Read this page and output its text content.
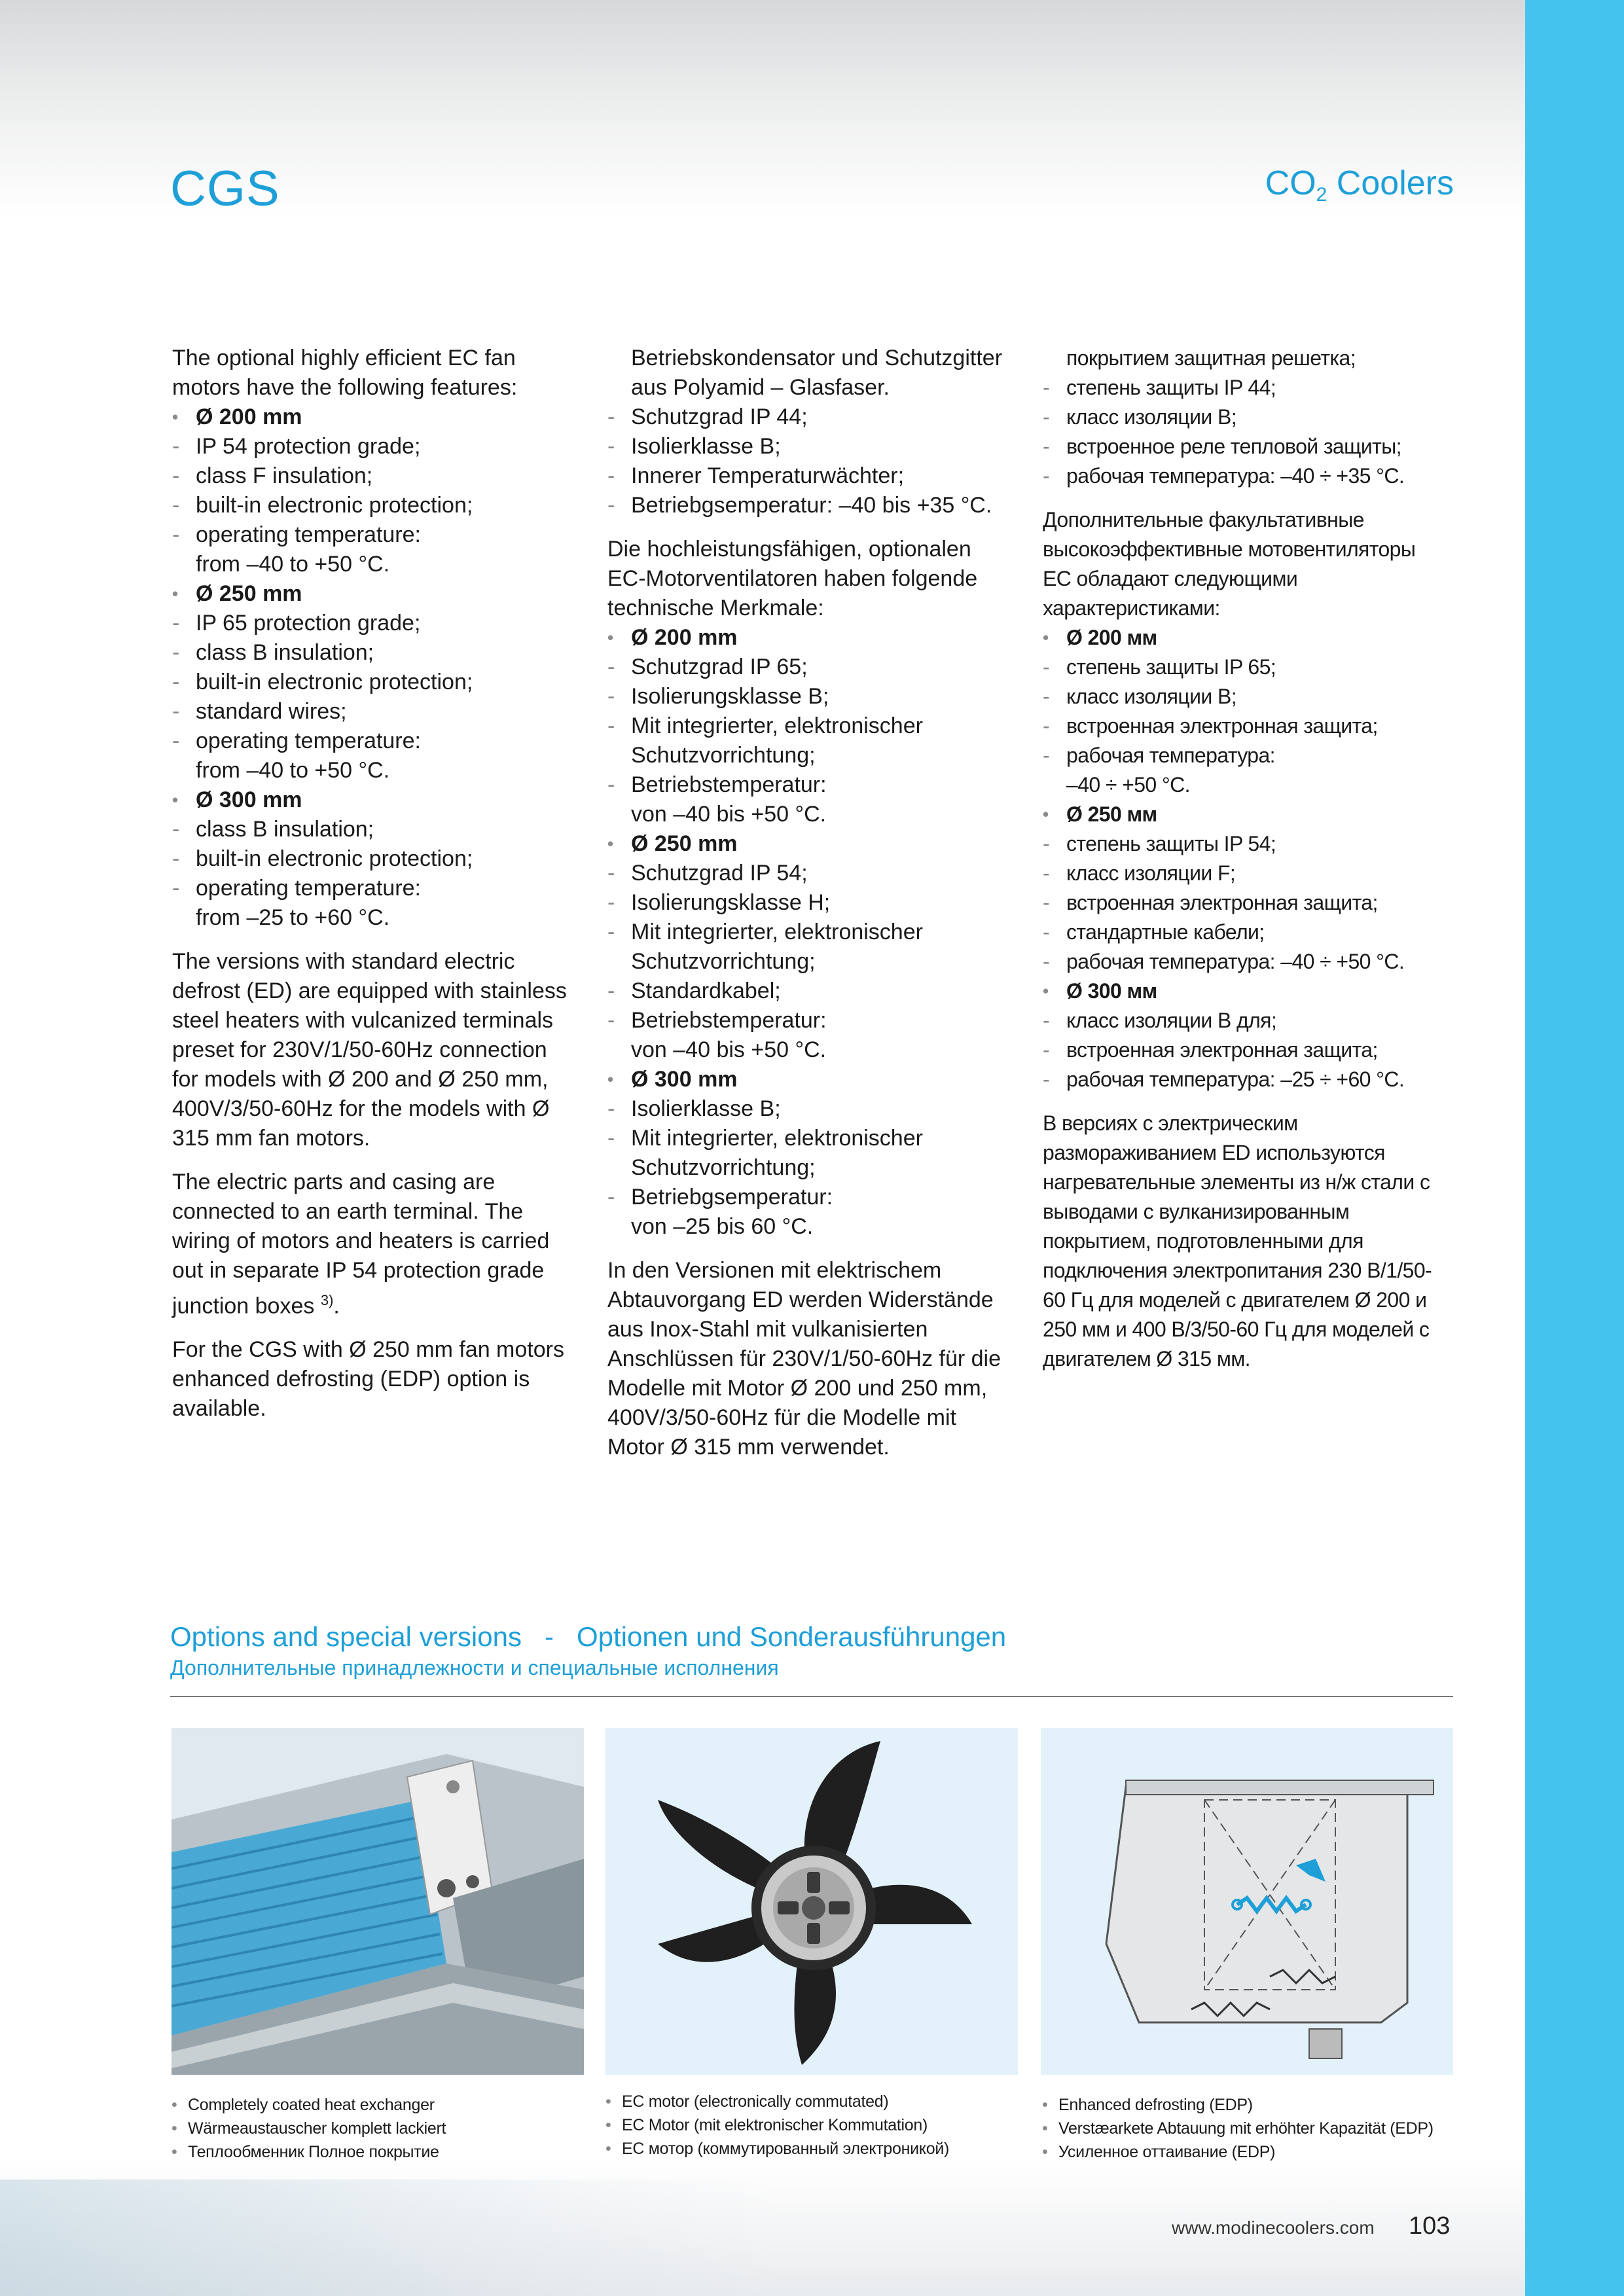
CGS	$CO_2$ Coolers

The optional highly efficient EC fan motors have the following features:

• Ø 200 mm
- IP 54 protection grade;
- class F insulation;
- built-in electronic protection;
- operating temperature:
from –40 to +50 °C.
• Ø 250 mm
- IP 65 protection grade;
- class B insulation;
- built-in electronic protection;
- standard wires;
- operating temperature:
from –40 to +50 °C.
• Ø 300 mm
- class B insulation;
- built-in electronic protection;
- operating temperature:
from –25 to +60 °C.

The versions with standard electric defrost (ED) are equipped with stainless steel heaters with vulcanized terminals preset for 230V/1/50-60Hz connection for models with Ø 200 and Ø 250 mm, 400V/3/50-60Hz for the models with Ø 315 mm fan motors.

The electric parts and casing are connected to an earth terminal. The wiring of motors and heaters is carried out in separate IP 54 protection grade junction boxes $^{3)}$.

For the CGS with Ø 250 mm fan motors enhanced defrosting (EDP) option is available.

Betriebskondensator und Schutzgitter aus Polyamid – Glasfaser.
- Schutzgrad IP 44;
- Isolierklasse B;
- Innerer Temperaturwächter;
- Betriebgsemperatur: –40 bis +35 °C.

Die hochleistungsfähigen, optionalen EC-Motorventilatoren haben folgende technische Merkmale:

• Ø 200 mm
- Schutzgrad IP 65;
- Isolierungsklasse B;
- Mit integrierter, elektronischer
Schutzvorrichtung;
- Betriebstemperatur:
von –40 bis +50 °C.
• Ø 250 mm
- Schutzgrad IP 54;
- Isolierungsklasse H;
- Mit integrierter, elektronischer
Schutzvorrichtung;
- Standardkabel;
- Betriebstemperatur:
von –40 bis +50 °C.
• Ø 300 mm
- Isolierklasse B;
- Mit integrierter, elektronischer
Schutzvorrichtung;
- Betriebgsemperatur:
von –25 bis 60 °C.

In den Versionen mit elektrischem Abtauvorgang ED werden Widerstände aus Inox-Stahl mit vulkanisierten Anschlüssen für 230V/1/50-60Hz für die Modelle mit Motor Ø 200 und 250 mm, 400V/3/50-60Hz für die Modelle mit Motor Ø 315 mm verwendet.

покрытием защитная решетка;
- степень защиты IP 44;
- класс изоляции B;
- встроенное реле тепловой защиты;
- рабочая температура: –40 ÷ +35 °C.

Дополнительные факультативные высокоэффективные мотовентиляторы EC обладают следующими характеристиками:

• Ø 200 мм
- степень защиты IP 65;
- класс изоляции B;
- встроенная электронная защита;
- рабочая температура:
–40 ÷ +50 °C.
• Ø 250 мм
- степень защиты IP 54;
- класс изоляции F;
- встроенная электронная защита;
- стандартные кабели;
- рабочая температура: –40 ÷ +50 °C.
• Ø 300 мм
- класс изоляции B для;
- встроенная электронная защита;
- рабочая температура: –25 ÷ +60 °C.

В версиях с электрическим размораживанием ED используются нагревательные элементы из н/ж стали с выводами с вулканизированным покрытием, подготовленными для подключения электропитания 230 В/1/50-60 Гц для моделей с двигателем Ø 200 и 250 мм и 400 В/3/50-60 Гц для моделей с двигателем Ø 315 мм.

Options and special versions   -   Optionen und Sonderausführungen
Дополнительные принадлежности и специальные исполнения
• Completely coated heat exchanger
• Wärmeaustauscher komplett lackiert
• Теплообменник Полное покрытие
• EC motor (electronically commutated)
• EC Motor (mit elektronischer Kommutation)
• EC мотор (коммутированный электроникой)
• Enhanced defrosting (EDP)
• Verstæarkete Abtauung mit erhöhter Kapazität (EDP)
• Усиленное оттаивание (EDP)
www.modinecoolers.com 103
